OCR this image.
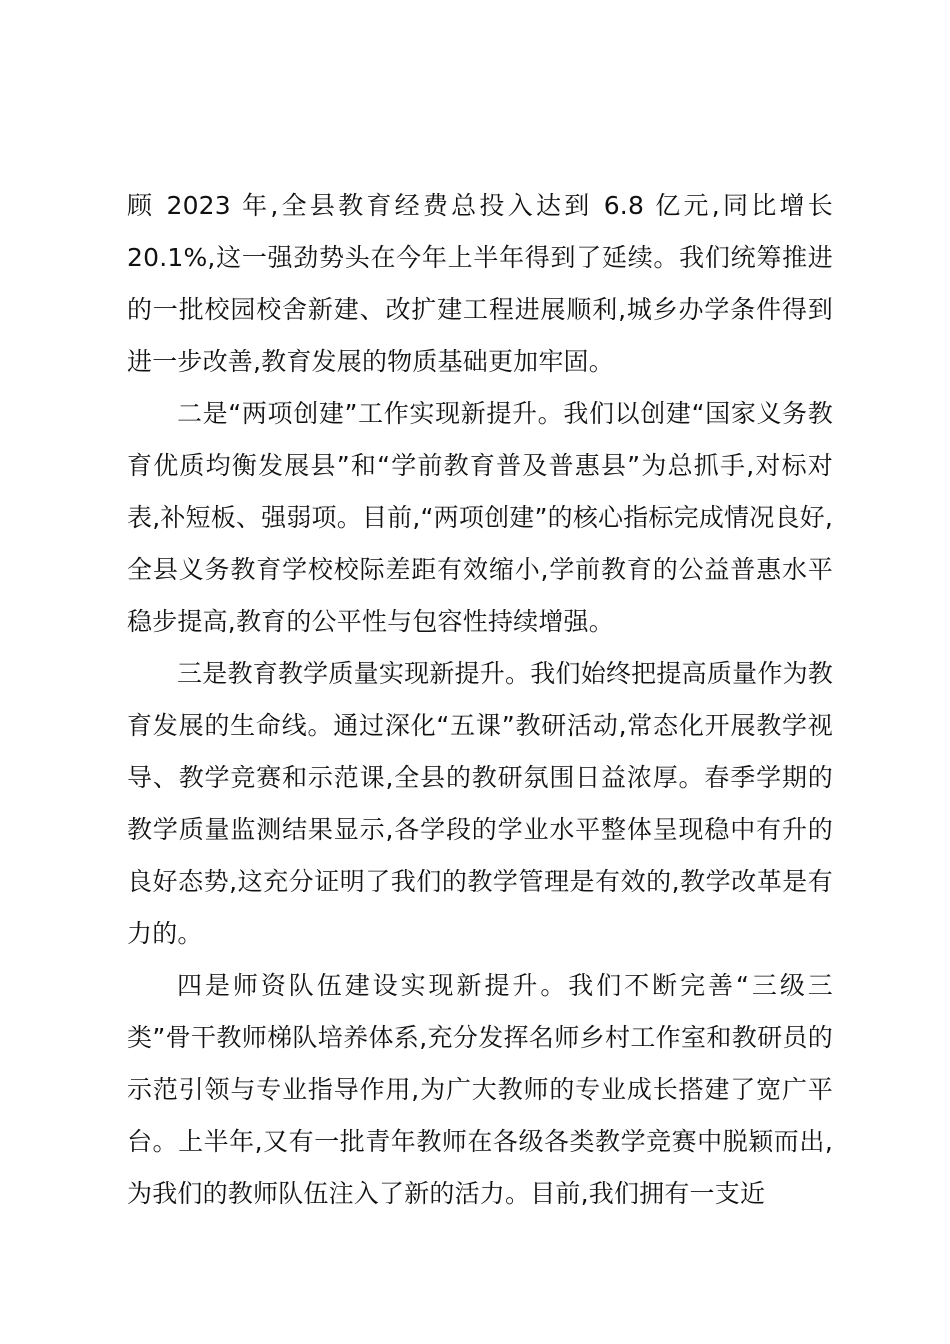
顾 2023 年,全县教育经费总投入达到 6.8 亿元,同比增长 20.1%,这一强劲势头在今年上半年得到了延续。我们统筹推进的一批校园校舍新建、改扩建工程进展顺利,城乡办学条件得到进一步改善,教育发展的物质基础更加牢固。

二是“两项创建”工作实现新提升。我们以创建“国家义务教育优质均衡发展县”和“学前教育普及普惠县”为总抓手,对标对表,补短板、强弱项。目前,“两项创建”的核心指标完成情况良好,全县义务教育学校校际差距有效缩小,学前教育的公益普惠水平稳步提高,教育的公平性与包容性持续增强。

三是教育教学质量实现新提升。我们始终把提高质量作为教育发展的生命线。通过深化“五课”教研活动,常态化开展教学视导、教学竞赛和示范课,全县的教研氛围日益浓厚。春季学期的教学质量监测结果显示,各学段的学业水平整体呈现稳中有升的良好态势,这充分证明了我们的教学管理是有效的,教学改革是有力的。

四是师资队伍建设实现新提升。我们不断完善“三级三类”骨干教师梯队培养体系,充分发挥名师乡村工作室和教研员的示范引领与专业指导作用,为广大教师的专业成长搭建了宽广平台。上半年,又有一批青年教师在各级各类教学竞赛中脱颖而出,为我们的教师队伍注入了新的活力。目前,我们拥有一支近
